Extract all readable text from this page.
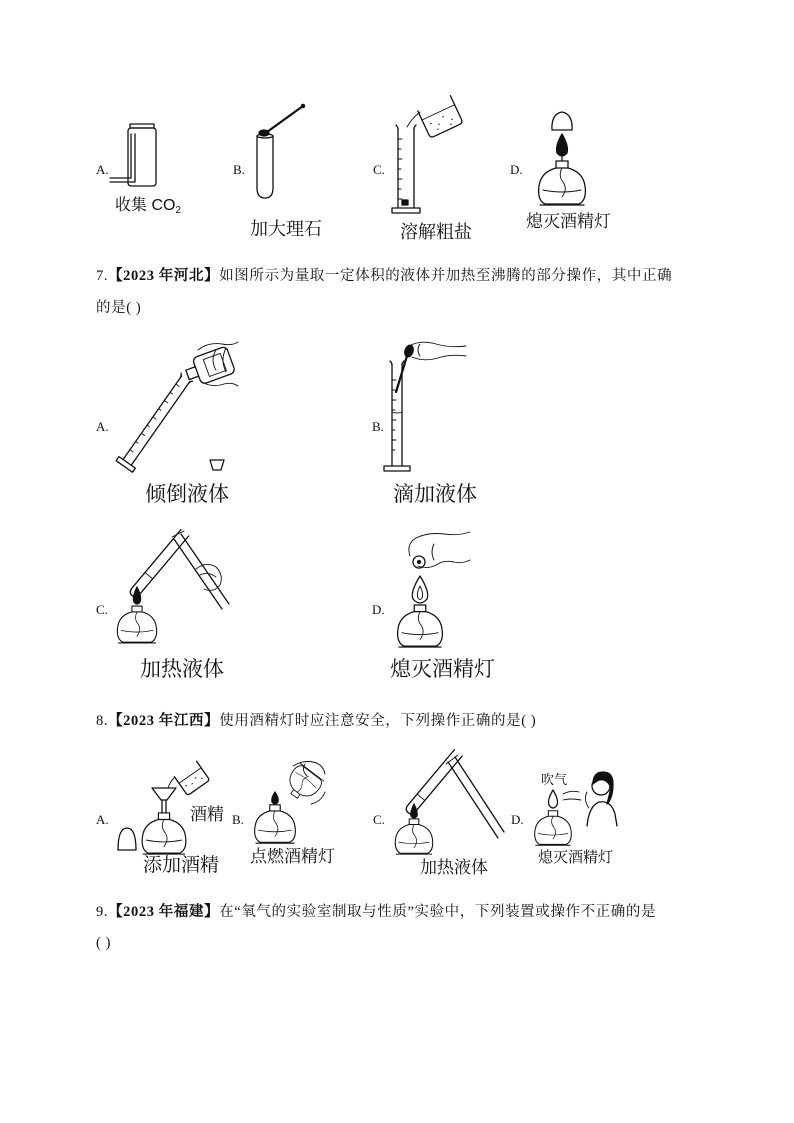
A.	B.	C.	D.
收集 $CO_2$
加大理石	溶解粗盐
熄灭酒精灯
7.【2023 年河北】如图所示为量取一定体积的液体并加热至沸腾的部分操作，其中正确
的是( )
A.	B.
C.	D.
倾倒液体	滴加液体
加热液体	熄灭酒精灯
8.【2023 年江西】使用酒精灯时应注意安全，下列操作正确的是( )
A.	B.	C.	D.
添加酒精 点燃酒精灯
加热液体
熄灭酒精灯
酒精
吹气
9.【2023 年福建】在“氧气的实验室制取与性质”实验中，下列装置或操作不正确的是
( )
